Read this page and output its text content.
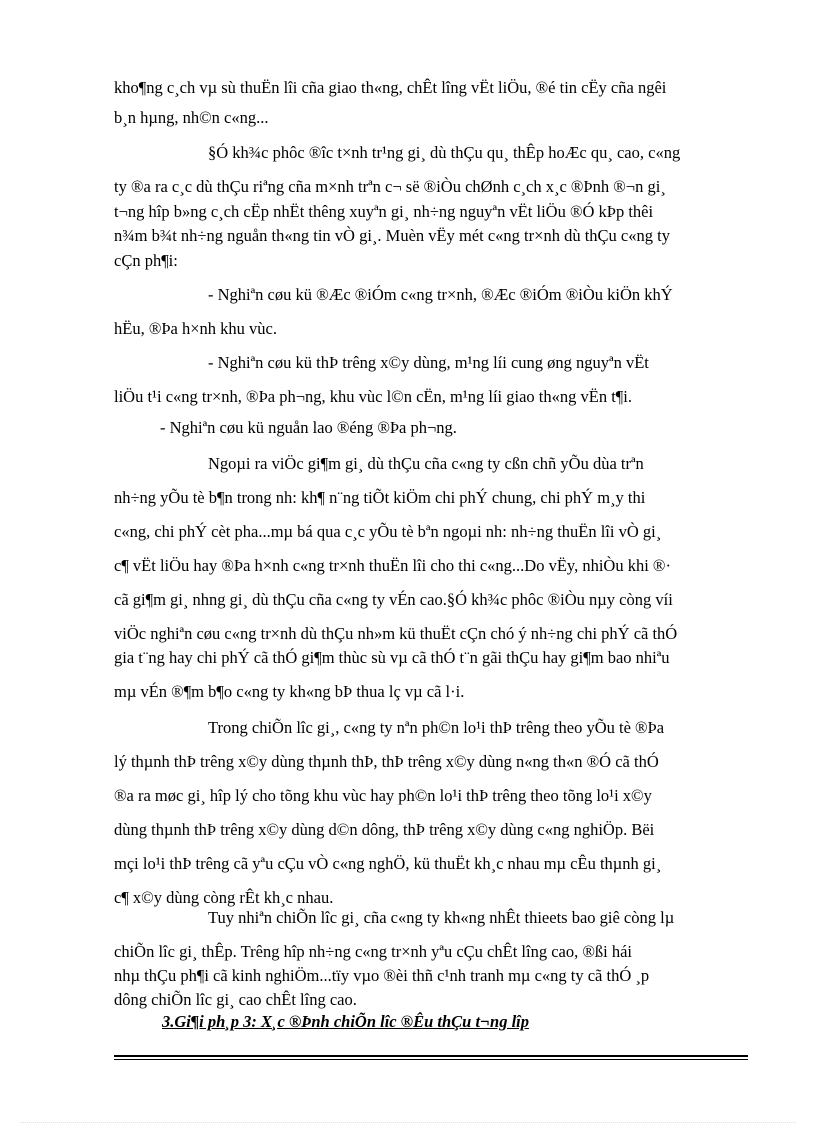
kho¶ng c¸ch vµ sù thuËn lîi cña giao th«ng, chÊt lîng vËt liÖu, ®é tin cËy cña ngêi
b¸n hµng, nh©n c«ng...
§Ó kh¾c phôc ®îc t×nh tr¹ng gi¸ dù thÇu qu¸ thÊp hoÆc qu¸ cao, c«ng
ty ®a ra c¸c dù thÇu riªng cña m×nh trªn c¬ së ®iÒu chØnh c¸ch x¸c ®Þnh ®¬n gi¸
t¬ng hîp b»ng c¸ch cËp nhËt thêng xuyªn gi¸ nh÷ng nguyªn vËt liÖu ®Ó kÞp thêi
n¾m b¾t nh÷ng nguån th«ng tin vÒ gi¸. Muèn vËy mét c«ng tr×nh dù thÇu c«ng ty
cÇn ph¶i:
- Nghiªn cøu kü ®Æc ®iÓm c«ng tr×nh, ®Æc ®iÓm ®iÒu kiÖn khÝ
hËu, ®Þa h×nh khu vùc.
- Nghiªn cøu kü thÞ trêng x©y dùng, m¹ng líi cung øng nguyªn vËt
liÖu t¹i c«ng tr×nh, ®Þa ph¬ng, khu vùc l©n cËn, m¹ng líi giao th«ng vËn t¶i.
- Nghiªn cøu kü nguån lao ®éng ®Þa ph¬ng.
Ngoµi ra viÖc gi¶m gi¸ dù thÇu cña c«ng ty cßn chñ yÕu dùa trªn
nh÷ng yÕu tè b¶n trong nh: kh¶ n¨ng tiÕt kiÖm chi phÝ chung, chi phÝ m¸y thi
c«ng, chi phÝ cèt pha...mµ bá qua c¸c yÕu tè bªn ngoµi nh: nh÷ng thuËn lîi vÒ gi¸
c¶ vËt liÖu hay ®Þa h×nh c«ng tr×nh thuËn lîi cho thi c«ng...Do vËy, nhiÒu khi ®·
cã gi¶m gi¸ nhng gi¸ dù thÇu cña c«ng ty vÉn cao.§Ó kh¾c phôc ®iÒu nµy còng víi
viÖc nghiªn cøu c«ng tr×nh dù thÇu nh»m kü thuËt cÇn chó ý nh÷ng chi phÝ cã thÓ
gia t¨ng hay chi phÝ cã thÓ gi¶m thùc sù vµ cã thÓ t¨n gãi thÇu hay gi¶m bao nhiªu
mµ vÉn ®¶m b¶o c«ng ty kh«ng bÞ thua lç vµ cã l·i.
Trong chiÕn lîc gi¸, c«ng ty nªn ph©n lo¹i thÞ trêng theo yÕu tè ®Þa
lý thµnh thÞ trêng x©y dùng thµnh thÞ, thÞ trêng x©y dùng n«ng th«n ®Ó cã thÓ
®a ra møc gi¸ hîp lý cho tõng khu vùc hay ph©n lo¹i thÞ trêng theo tõng lo¹i x©y
dùng thµnh thÞ trêng x©y dùng d©n dông, thÞ trêng x©y dùng c«ng nghiÖp. Bëi
mçi lo¹i thÞ trêng cã yªu cÇu vÒ c«ng nghÖ, kü thuËt kh¸c nhau mµ cÊu thµnh gi¸
c¶ x©y dùng còng rÊt kh¸c nhau.
Tuy nhiªn chiÕn lîc gi¸ cña c«ng ty kh«ng nhÊt thieets bao giê còng lµ
chiÕn lîc gi¸ thÊp. Trêng hîp nh÷ng c«ng tr×nh yªu cÇu chÊt lîng cao, ®ßi hái
nhµ thÇu ph¶i cã kinh nghiÖm...tïy vµo ®èi thñ c¹nh tranh mµ c«ng ty cã thÓ ¸p
dông chiÕn lîc gi¸ cao chÊt lîng cao.
3.Gi¶i ph¸p 3: X¸c ®Þnh chiÕn lîc ®Êu thÇu t¬ng lîp
